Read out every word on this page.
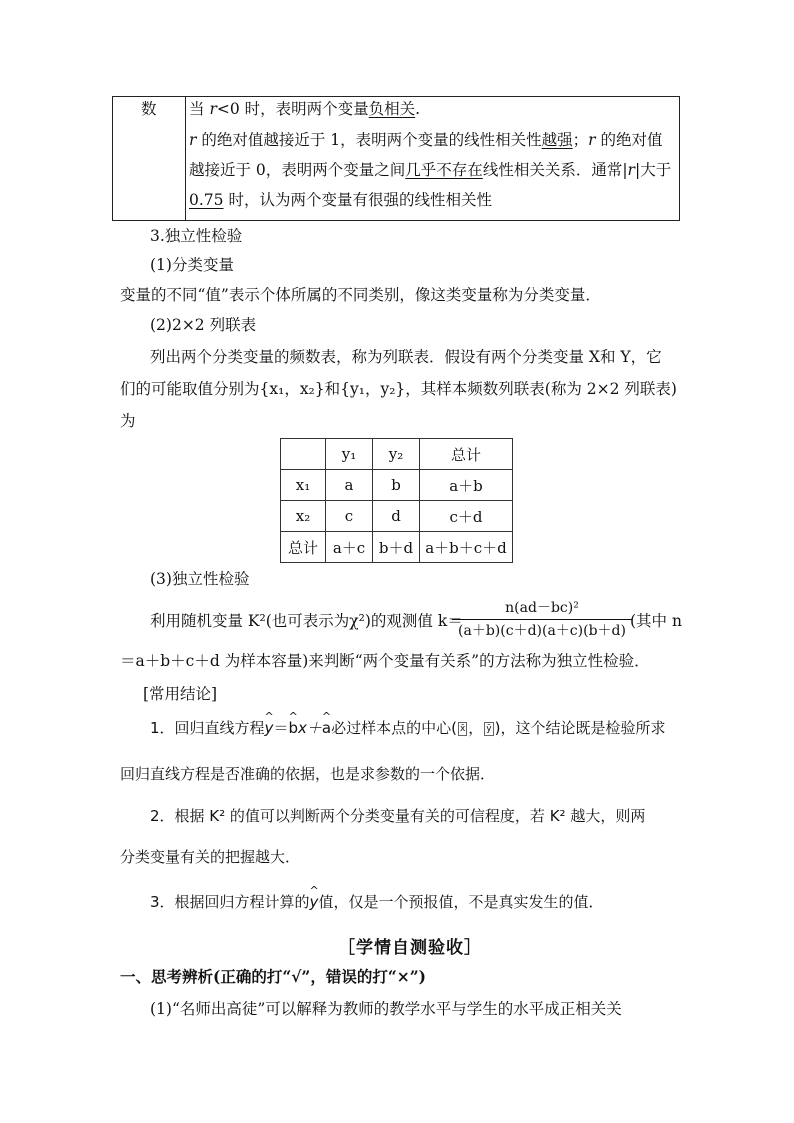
数 当 r<0 时，表明两个变量负相关.
r 的绝对值越接近于 1，表明两个变量的线性相关性越强；r 的绝对值
越接近于 0，表明两个变量之间几乎不存在线性相关关系．通常|r|大于
0.75 时，认为两个变量有很强的线性相关性
3.独立性检验
(1)分类变量
变量的不同“值”表示个体所属的不同类别，像这类变量称为分类变量．
(2)2×2 列联表
列出两个分类变量的频数表，称为列联表．假设有两个分类变量 X和 Y，它
们的可能取值分别为{x₁，x₂}和{y₁，y₂}，其样本频数列联表(称为 2×2 列联表)
为
	y₁	y₂	总计
x₁	a	b	a＋b
x₂	c	d	c＋d
总计	a＋c	b＋d	a＋b＋c＋d
(3)独立性检验
利用随机变量 K²(也可表示为χ²)的观测值 k＝
n(ad－bc)²
(a＋b)(c＋d)(a＋c)(b＋d)
(其中 n
＝a＋b＋c＋d 为样本容量)来判断“两个变量有关系”的方法称为独立性检验．
[常用结论]
1．回归直线方程^ y＝^ bx＋^ a必过样本点的中心( x̄ ， ȳ )，这个结论既是检验所求
回归直线方程是否准确的依据，也是求参数的一个依据．
2．根据 K² 的值可以判断两个分类变量有关的可信程度，若 K² 越大，则两
分类变量有关的把握越大．
3．根据回归方程计算的^ y值，仅是一个预报值，不是真实发生的值．
［学情自测验收］
一、思考辨析(正确的打“√”，错误的打“×”)
(1)“名师出高徒”可以解释为教师的教学水平与学生的水平成正相关关
